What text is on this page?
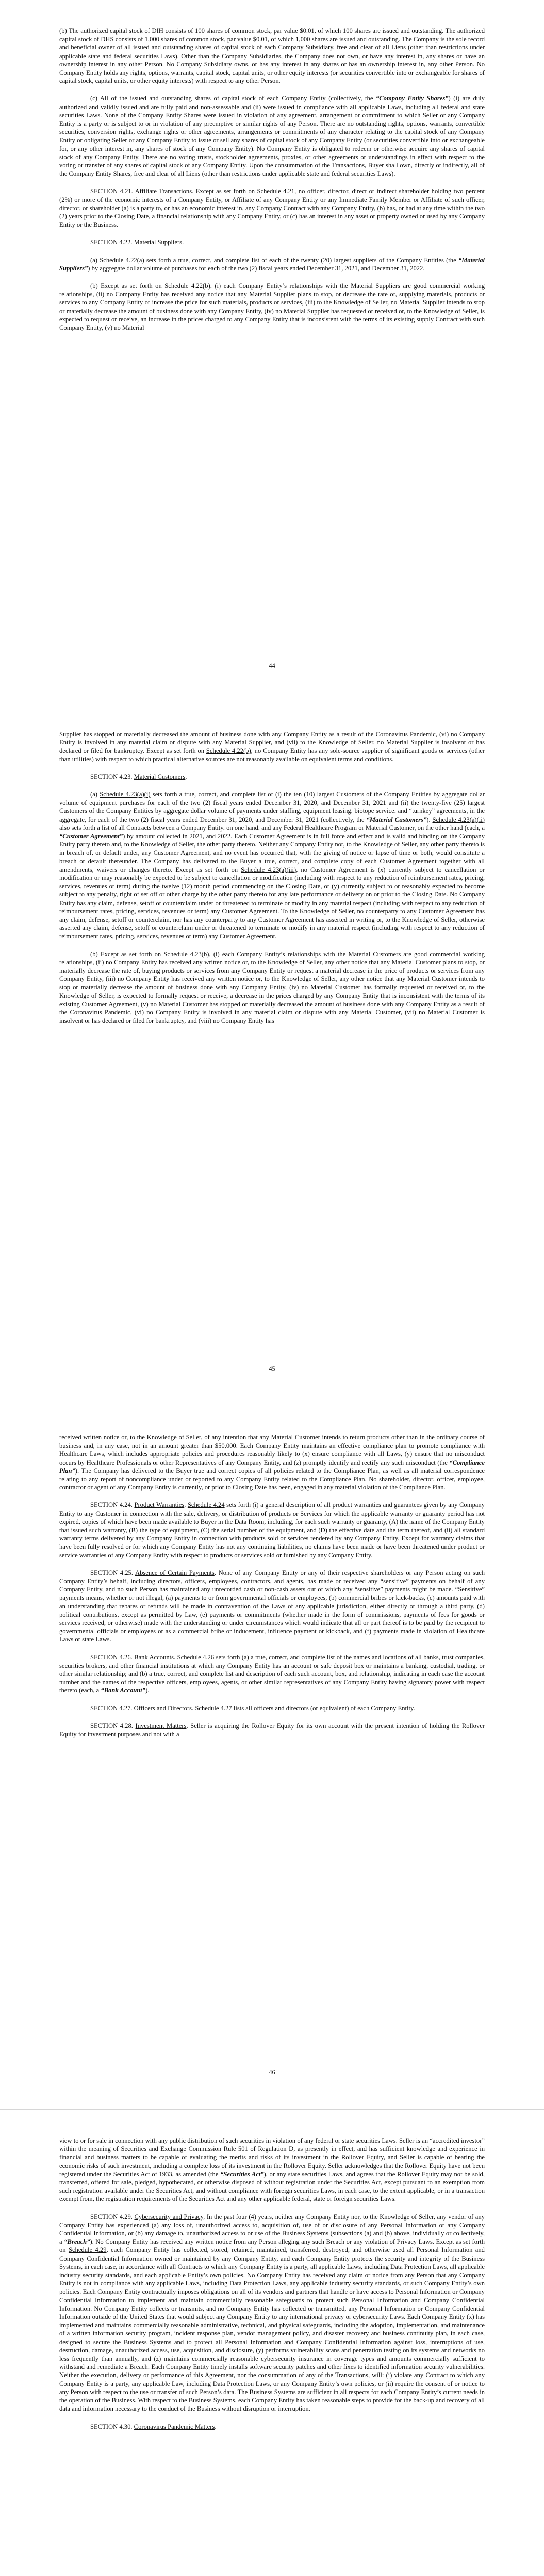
(b) The authorized capital stock of DIH consists of 100 shares of common stock, par value $0.01, of which 100 shares are issued and outstanding. The authorized capital stock of DHS consists of 1,000 shares of common stock, par value $0.01, of which 1,000 shares are issued and outstanding. The Company is the sole record and beneficial owner of all issued and outstanding shares of capital stock of each Company Subsidiary, free and clear of all Liens (other than restrictions under applicable state and federal securities Laws). Other than the Company Subsidiaries, the Company does not own, or have any interest in, any shares or have an ownership interest in any other Person. No Company Subsidiary owns, or has any interest in any shares or has an ownership interest in, any other Person. No Company Entity holds any rights, options, warrants, capital stock, capital units, or other equity interests (or securities convertible into or exchangeable for shares of capital stock, capital units, or other equity interests) with respect to any other Person.

(c) All of the issued and outstanding shares of capital stock of each Company Entity (collectively, the “Company Entity Shares”) (i) are duly authorized and validly issued and are fully paid and non-assessable and (ii) were issued in compliance with all applicable Laws, including all federal and state securities Laws. None of the Company Entity Shares were issued in violation of any agreement, arrangement or commitment to which Seller or any Company Entity is a party or is subject to or in violation of any preemptive or similar rights of any Person. There are no outstanding rights, options, warrants, convertible securities, conversion rights, exchange rights or other agreements, arrangements or commitments of any character relating to the capital stock of any Company Entity or obligating Seller or any Company Entity to issue or sell any shares of capital stock of any Company Entity (or securities convertible into or exchangeable for, or any other interest in, any shares of stock of any Company Entity). No Company Entity is obligated to redeem or otherwise acquire any shares of capital stock of any Company Entity. There are no voting trusts, stockholder agreements, proxies, or other agreements or understandings in effect with respect to the voting or transfer of any shares of capital stock of any Company Entity. Upon the consummation of the Transactions, Buyer shall own, directly or indirectly, all of the Company Entity Shares, free and clear of all Liens (other than restrictions under applicable state and federal securities Laws).

SECTION 4.21. Affiliate Transactions. Except as set forth on Schedule 4.21, no officer, director, direct or indirect shareholder holding two percent (2%) or more of the economic interests of a Company Entity, or Affiliate of any Company Entity or any Immediate Family Member or Affiliate of such officer, director, or shareholder (a) is a party to, or has an economic interest in, any Company Contract with any Company Entity, (b) has, or had at any time within the two (2) years prior to the Closing Date, a financial relationship with any Company Entity, or (c) has an interest in any asset or property owned or used by any Company Entity or the Business.

SECTION 4.22. Material Suppliers.

(a) Schedule 4.22(a) sets forth a true, correct, and complete list of each of the twenty (20) largest suppliers of the Company Entities (the “Material Suppliers”) by aggregate dollar volume of purchases for each of the two (2) fiscal years ended December 31, 2021, and December 31, 2022.

(b) Except as set forth on Schedule 4.22(b), (i) each Company Entity’s relationships with the Material Suppliers are good commercial working relationships, (ii) no Company Entity has received any notice that any Material Supplier plans to stop, or decrease the rate of, supplying materials, products or services to any Company Entity or increase the price for such materials, products or services, (iii) to the Knowledge of Seller, no Material Supplier intends to stop or materially decrease the amount of business done with any Company Entity, (iv) no Material Supplier has requested or received or, to the Knowledge of Seller, is expected to request or receive, an increase in the prices charged to any Company Entity that is inconsistent with the terms of its existing supply Contract with such Company Entity, (v) no Material

44

Supplier has stopped or materially decreased the amount of business done with any Company Entity as a result of the Coronavirus Pandemic, (vi) no Company Entity is involved in any material claim or dispute with any Material Supplier, and (vii) to the Knowledge of Seller, no Material Supplier is insolvent or has declared or filed for bankruptcy. Except as set forth on Schedule 4.22(b), no Company Entity has any sole-source supplier of significant goods or services (other than utilities) with respect to which practical alternative sources are not reasonably available on equivalent terms and conditions.

SECTION 4.23. Material Customers.

(a) Schedule 4.23(a)(i) sets forth a true, correct, and complete list of (i) the ten (10) largest Customers of the Company Entities by aggregate dollar volume of equipment purchases for each of the two (2) fiscal years ended December 31, 2020, and December 31, 2021 and (ii) the twenty-five (25) largest Customers of the Company Entities by aggregate dollar volume of payments under staffing, equipment leasing, biotope service, and “turnkey” agreements, in the aggregate, for each of the two (2) fiscal years ended December 31, 2020, and December 31, 2021 (collectively, the “Material Customers”). Schedule 4.23(a)(ii) also sets forth a list of all Contracts between a Company Entity, on one hand, and any Federal Healthcare Program or Material Customer, on the other hand (each, a “Customer Agreement”) by amount collected in 2021, and 2022. Each Customer Agreement is in full force and effect and is valid and binding on the Company Entity party thereto and, to the Knowledge of Seller, the other party thereto. Neither any Company Entity nor, to the Knowledge of Seller, any other party thereto is in breach of, or default under, any Customer Agreement, and no event has occurred that, with the giving of notice or lapse of time or both, would constitute a breach or default thereunder. The Company has delivered to the Buyer a true, correct, and complete copy of each Customer Agreement together with all amendments, waivers or changes thereto. Except as set forth on Schedule 4.23(a)(iii), no Customer Agreement is (x) currently subject to cancellation or modification or may reasonably be expected to be subject to cancellation or modification (including with respect to any reduction of reimbursement rates, pricing, services, revenues or term) during the twelve (12) month period commencing on the Closing Date, or (y) currently subject to or reasonably expected to become subject to any penalty, right of set off or other charge by the other party thereto for any late performance or delivery on or prior to the Closing Date. No Company Entity has any claim, defense, setoff or counterclaim under or threatened to terminate or modify in any material respect (including with respect to any reduction of reimbursement rates, pricing, services, revenues or term) any Customer Agreement. To the Knowledge of Seller, no counterparty to any Customer Agreement has any claim, defense, setoff or counterclaim, nor has any counterparty to any Customer Agreement has asserted in writing or, to the Knowledge of Seller, otherwise asserted any claim, defense, setoff or counterclaim under or threatened to terminate or modify in any material respect (including with respect to any reduction of reimbursement rates, pricing, services, revenues or term) any Customer Agreement.

(b) Except as set forth on Schedule 4.23(b), (i) each Company Entity’s relationships with the Material Customers are good commercial working relationships, (ii) no Company Entity has received any written notice or, to the Knowledge of Seller, any other notice that any Material Customer plans to stop, or materially decrease the rate of, buying products or services from any Company Entity or request a material decrease in the price of products or services from any Company Entity, (iii) no Company Entity has received any written notice or, to the Knowledge of Seller, any other notice that any Material Customer intends to stop or materially decrease the amount of business done with any Company Entity, (iv) no Material Customer has formally requested or received or, to the Knowledge of Seller, is expected to formally request or receive, a decrease in the prices charged by any Company Entity that is inconsistent with the terms of its existing Customer Agreement, (v) no Material Customer has stopped or materially decreased the amount of business done with any Company Entity as a result of the Coronavirus Pandemic, (vi) no Company Entity is involved in any material claim or dispute with any Material Customer, (vii) no Material Customer is insolvent or has declared or filed for bankruptcy, and (viii) no Company Entity has

45

received written notice or, to the Knowledge of Seller, of any intention that any Material Customer intends to return products other than in the ordinary course of business and, in any case, not in an amount greater than $50,000. Each Company Entity maintains an effective compliance plan to promote compliance with Healthcare Laws, which includes appropriate policies and procedures reasonably likely to (x) ensure compliance with all Laws, (y) ensure that no misconduct occurs by Healthcare Professionals or other Representatives of any Company Entity, and (z) promptly identify and rectify any such misconduct (the “Compliance Plan”). The Company has delivered to the Buyer true and correct copies of all policies related to the Compliance Plan, as well as all material correspondence relating to any report of noncompliance under or reported to any Company Entity related to the Compliance Plan. No shareholder, director, officer, employee, contractor or agent of any Company Entity is currently, or prior to Closing Date has been, engaged in any material violation of the Compliance Plan.

SECTION 4.24. Product Warranties. Schedule 4.24 sets forth (i) a general description of all product warranties and guarantees given by any Company Entity to any Customer in connection with the sale, delivery, or distribution of products or Services for which the applicable warranty or guaranty period has not expired, copies of which have been made available to Buyer in the Data Room, including, for each such warranty or guaranty, (A) the name of the Company Entity that issued such warranty, (B) the type of equipment, (C) the serial number of the equipment, and (D) the effective date and the term thereof, and (ii) all standard warranty terms delivered by any Company Entity in connection with products sold or services rendered by any Company Entity. Except for warranty claims that have been fully resolved or for which any Company Entity has not any continuing liabilities, no claims have been made or have been threatened under product or service warranties of any Company Entity with respect to products or services sold or furnished by any Company Entity.

SECTION 4.25. Absence of Certain Payments. None of any Company Entity or any of their respective shareholders or any Person acting on such Company Entity’s behalf, including directors, officers, employees, contractors, and agents, has made or received any “sensitive” payments on behalf of any Company Entity, and no such Person has maintained any unrecorded cash or non-cash assets out of which any “sensitive” payments might be made. “Sensitive” payments means, whether or not illegal, (a) payments to or from governmental officials or employees, (b) commercial bribes or kick-backs, (c) amounts paid with an understanding that rebates or refunds will be made in contravention of the Laws of any applicable jurisdiction, either directly or through a third party, (d) political contributions, except as permitted by Law, (e) payments or commitments (whether made in the form of commissions, payments of fees for goods or services received, or otherwise) made with the understanding or under circumstances which would indicate that all or part thereof is to be paid by the recipient to governmental officials or employees or as a commercial bribe or inducement, influence payment or kickback, and (f) payments made in violation of Healthcare Laws or state Laws.

SECTION 4.26. Bank Accounts. Schedule 4.26 sets forth (a) a true, correct, and complete list of the names and locations of all banks, trust companies, securities brokers, and other financial institutions at which any Company Entity has an account or safe deposit box or maintains a banking, custodial, trading, or other similar relationship; and (b) a true, correct, and complete list and description of each such account, box, and relationship, indicating in each case the account number and the names of the respective officers, employees, agents, or other similar representatives of any Company Entity having signatory power with respect thereto (each, a “Bank Account”).

SECTION 4.27. Officers and Directors. Schedule 4.27 lists all officers and directors (or equivalent) of each Company Entity.

SECTION 4.28. Investment Matters. Seller is acquiring the Rollover Equity for its own account with the present intention of holding the Rollover Equity for investment purposes and not with a

46

view to or for sale in connection with any public distribution of such securities in violation of any federal or state securities Laws. Seller is an “accredited investor” within the meaning of Securities and Exchange Commission Rule 501 of Regulation D, as presently in effect, and has sufficient knowledge and experience in financial and business matters to be capable of evaluating the merits and risks of its investment in the Rollover Equity, and Seller is capable of bearing the economic risks of such investment, including a complete loss of its investment in the Rollover Equity. Seller acknowledges that the Rollover Equity have not been registered under the Securities Act of 1933, as amended (the “Securities Act”), or any state securities Laws, and agrees that the Rollover Equity may not be sold, transferred, offered for sale, pledged, hypothecated, or otherwise disposed of without registration under the Securities Act, except pursuant to an exemption from such registration available under the Securities Act, and without compliance with foreign securities Laws, in each case, to the extent applicable, or in a transaction exempt from, the registration requirements of the Securities Act and any other applicable federal, state or foreign securities Laws.

SECTION 4.29. Cybersecurity and Privacy. In the past four (4) years, neither any Company Entity nor, to the Knowledge of Seller, any vendor of any Company Entity has experienced (a) any loss of, unauthorized access to, acquisition of, use of or disclosure of any Personal Information or any Company Confidential Information, or (b) any damage to, unauthorized access to or use of the Business Systems (subsections (a) and (b) above, individually or collectively, a “Breach”). No Company Entity has received any written notice from any Person alleging any such Breach or any violation of Privacy Laws. Except as set forth on Schedule 4.29, each Company Entity has collected, stored, retained, maintained, transferred, destroyed, and otherwise used all Personal Information and Company Confidential Information owned or maintained by any Company Entity, and each Company Entity protects the security and integrity of the Business Systems, in each case, in accordance with all Contracts to which any Company Entity is a party, all applicable Laws, including Data Protection Laws, all applicable industry security standards, and each applicable Entity’s own policies. No Company Entity has received any claim or notice from any Person that any Company Entity is not in compliance with any applicable Laws, including Data Protection Laws, any applicable industry security standards, or such Company Entity’s own policies. Each Company Entity contractually imposes obligations on all of its vendors and partners that handle or have access to Personal Information or Company Confidential Information to implement and maintain commercially reasonable safeguards to protect such Personal Information and Company Confidential Information. No Company Entity collects or transmits, and no Company Entity has collected or transmitted, any Personal Information or Company Confidential Information outside of the United States that would subject any Company Entity to any international privacy or cybersecurity Laws. Each Company Entity (x) has implemented and maintains commercially reasonable administrative, technical, and physical safeguards, including the adoption, implementation, and maintenance of a written information security program, incident response plan, vendor management policy, and disaster recovery and business continuity plan, in each case, designed to secure the Business Systems and to protect all Personal Information and Company Confidential Information against loss, interruptions of use, destruction, damage, unauthorized access, use, acquisition, and disclosure, (y) performs vulnerability scans and penetration testing on its systems and networks no less frequently than annually, and (z) maintains commercially reasonable cybersecurity insurance in coverage types and amounts commercially sufficient to withstand and remediate a Breach. Each Company Entity timely installs software security patches and other fixes to identified information security vulnerabilities. Neither the execution, delivery or performance of this Agreement, nor the consummation of any of the Transactions, will: (i) violate any Contract to which any Company Entity is a party, any applicable Law, including Data Protection Laws, or any Company Entity’s own policies, or (ii) require the consent of or notice to any Person with respect to the use or transfer of such Person’s data. The Business Systems are sufficient in all respects for each Company Entity’s current needs in the operation of the Business. With respect to the Business Systems, each Company Entity has taken reasonable steps to provide for the back-up and recovery of all data and information necessary to the conduct of the Business without disruption or interruption.

SECTION 4.30. Coronavirus Pandemic Matters.
